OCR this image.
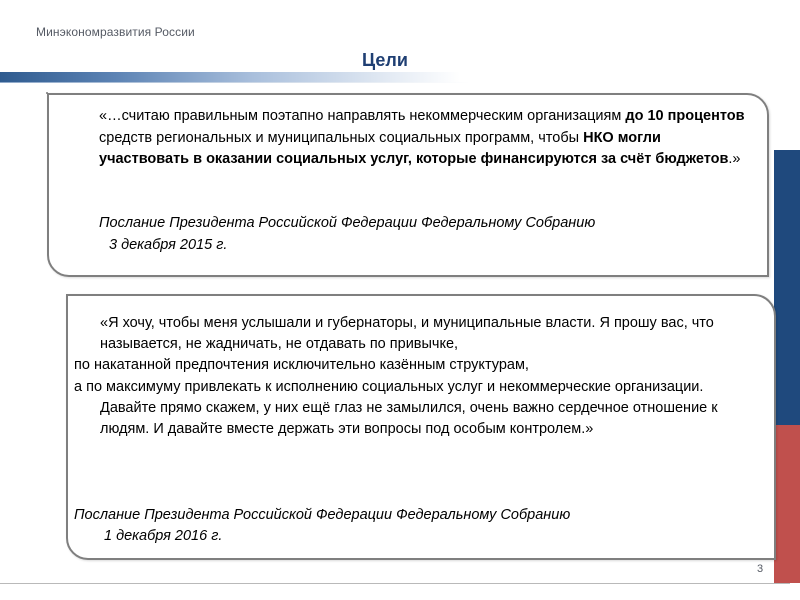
Минэкономразвития России
Цели
«…считаю правильным поэтапно направлять некоммерческим организациям до 10 процентов средств региональных и муниципальных социальных программ, чтобы НКО могли участвовать в оказании социальных услуг, которые финансируются за счёт бюджетов.»
Послание Президента Российской Федерации Федеральному Собранию
3 декабря 2015 г.

«Я хочу, чтобы меня услышали и губернаторы, и муниципальные власти. Я прошу вас, что называется, не жадничать, не отдавать по привычке,

по накатанной предпочтения исключительно казённым структурам,

а по максимуму привлекать к исполнению социальных услуг и некоммерческие организации.

Давайте прямо скажем, у них ещё глаз не замылился, очень важно сердечное отношение к людям. И давайте вместе держать эти вопросы под особым контролем.»

Послание Президента Российской Федерации Федеральному Собранию
1 декабря 2016 г.
3
